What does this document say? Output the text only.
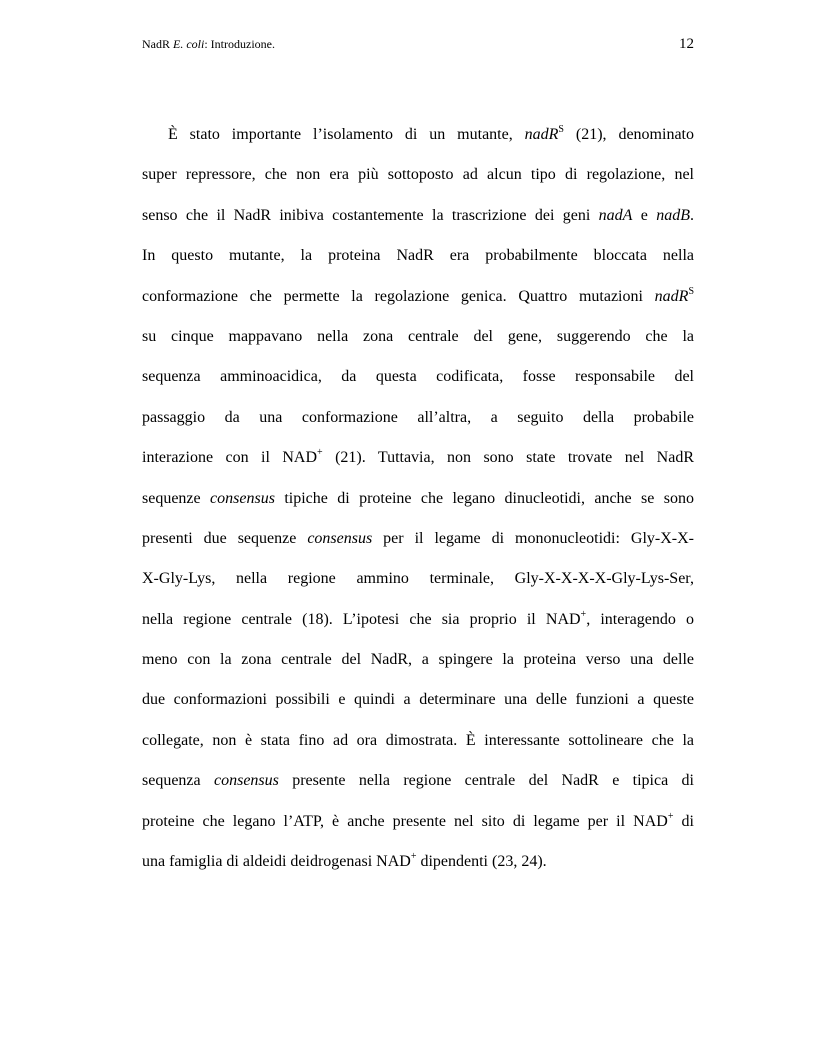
NadR E. coli: Introduzione.	12
È stato importante l’isolamento di un mutante, nadR$^S$ (21), denominato
super repressore, che non era più sottoposto ad alcun tipo di regolazione, nel
senso che il NadR inibiva costantemente la trascrizione dei geni nadA e nadB.
In questo mutante, la proteina NadR era probabilmente bloccata nella
conformazione che permette la regolazione genica. Quattro mutazioni nadR$^S$
su cinque mappavano nella zona centrale del gene, suggerendo che la
sequenza amminoacidica, da questa codificata, fosse responsabile del
passaggio da una conformazione all’altra, a seguito della probabile
interazione con il NAD+ (21). Tuttavia, non sono state trovate nel NadR
sequenze consensus tipiche di proteine che legano dinucleotidi, anche se sono
presenti due sequenze consensus per il legame di mononucleotidi: Gly-X-X-
X-Gly-Lys, nella regione ammino terminale, Gly-X-X-X-X-Gly-Lys-Ser,
nella regione centrale (18). L’ipotesi che sia proprio il NAD+, interagendo o
meno con la zona centrale del NadR, a spingere la proteina verso una delle
due conformazioni possibili e quindi a determinare una delle funzioni a queste
collegate, non è stata fino ad ora dimostrata. È interessante sottolineare che la
sequenza consensus presente nella regione centrale del NadR e tipica di
proteine che legano l’ATP, è anche presente nel sito di legame per il NAD+ di
una famiglia di aldeidi deidrogenasi NAD+ dipendenti (23, 24).
